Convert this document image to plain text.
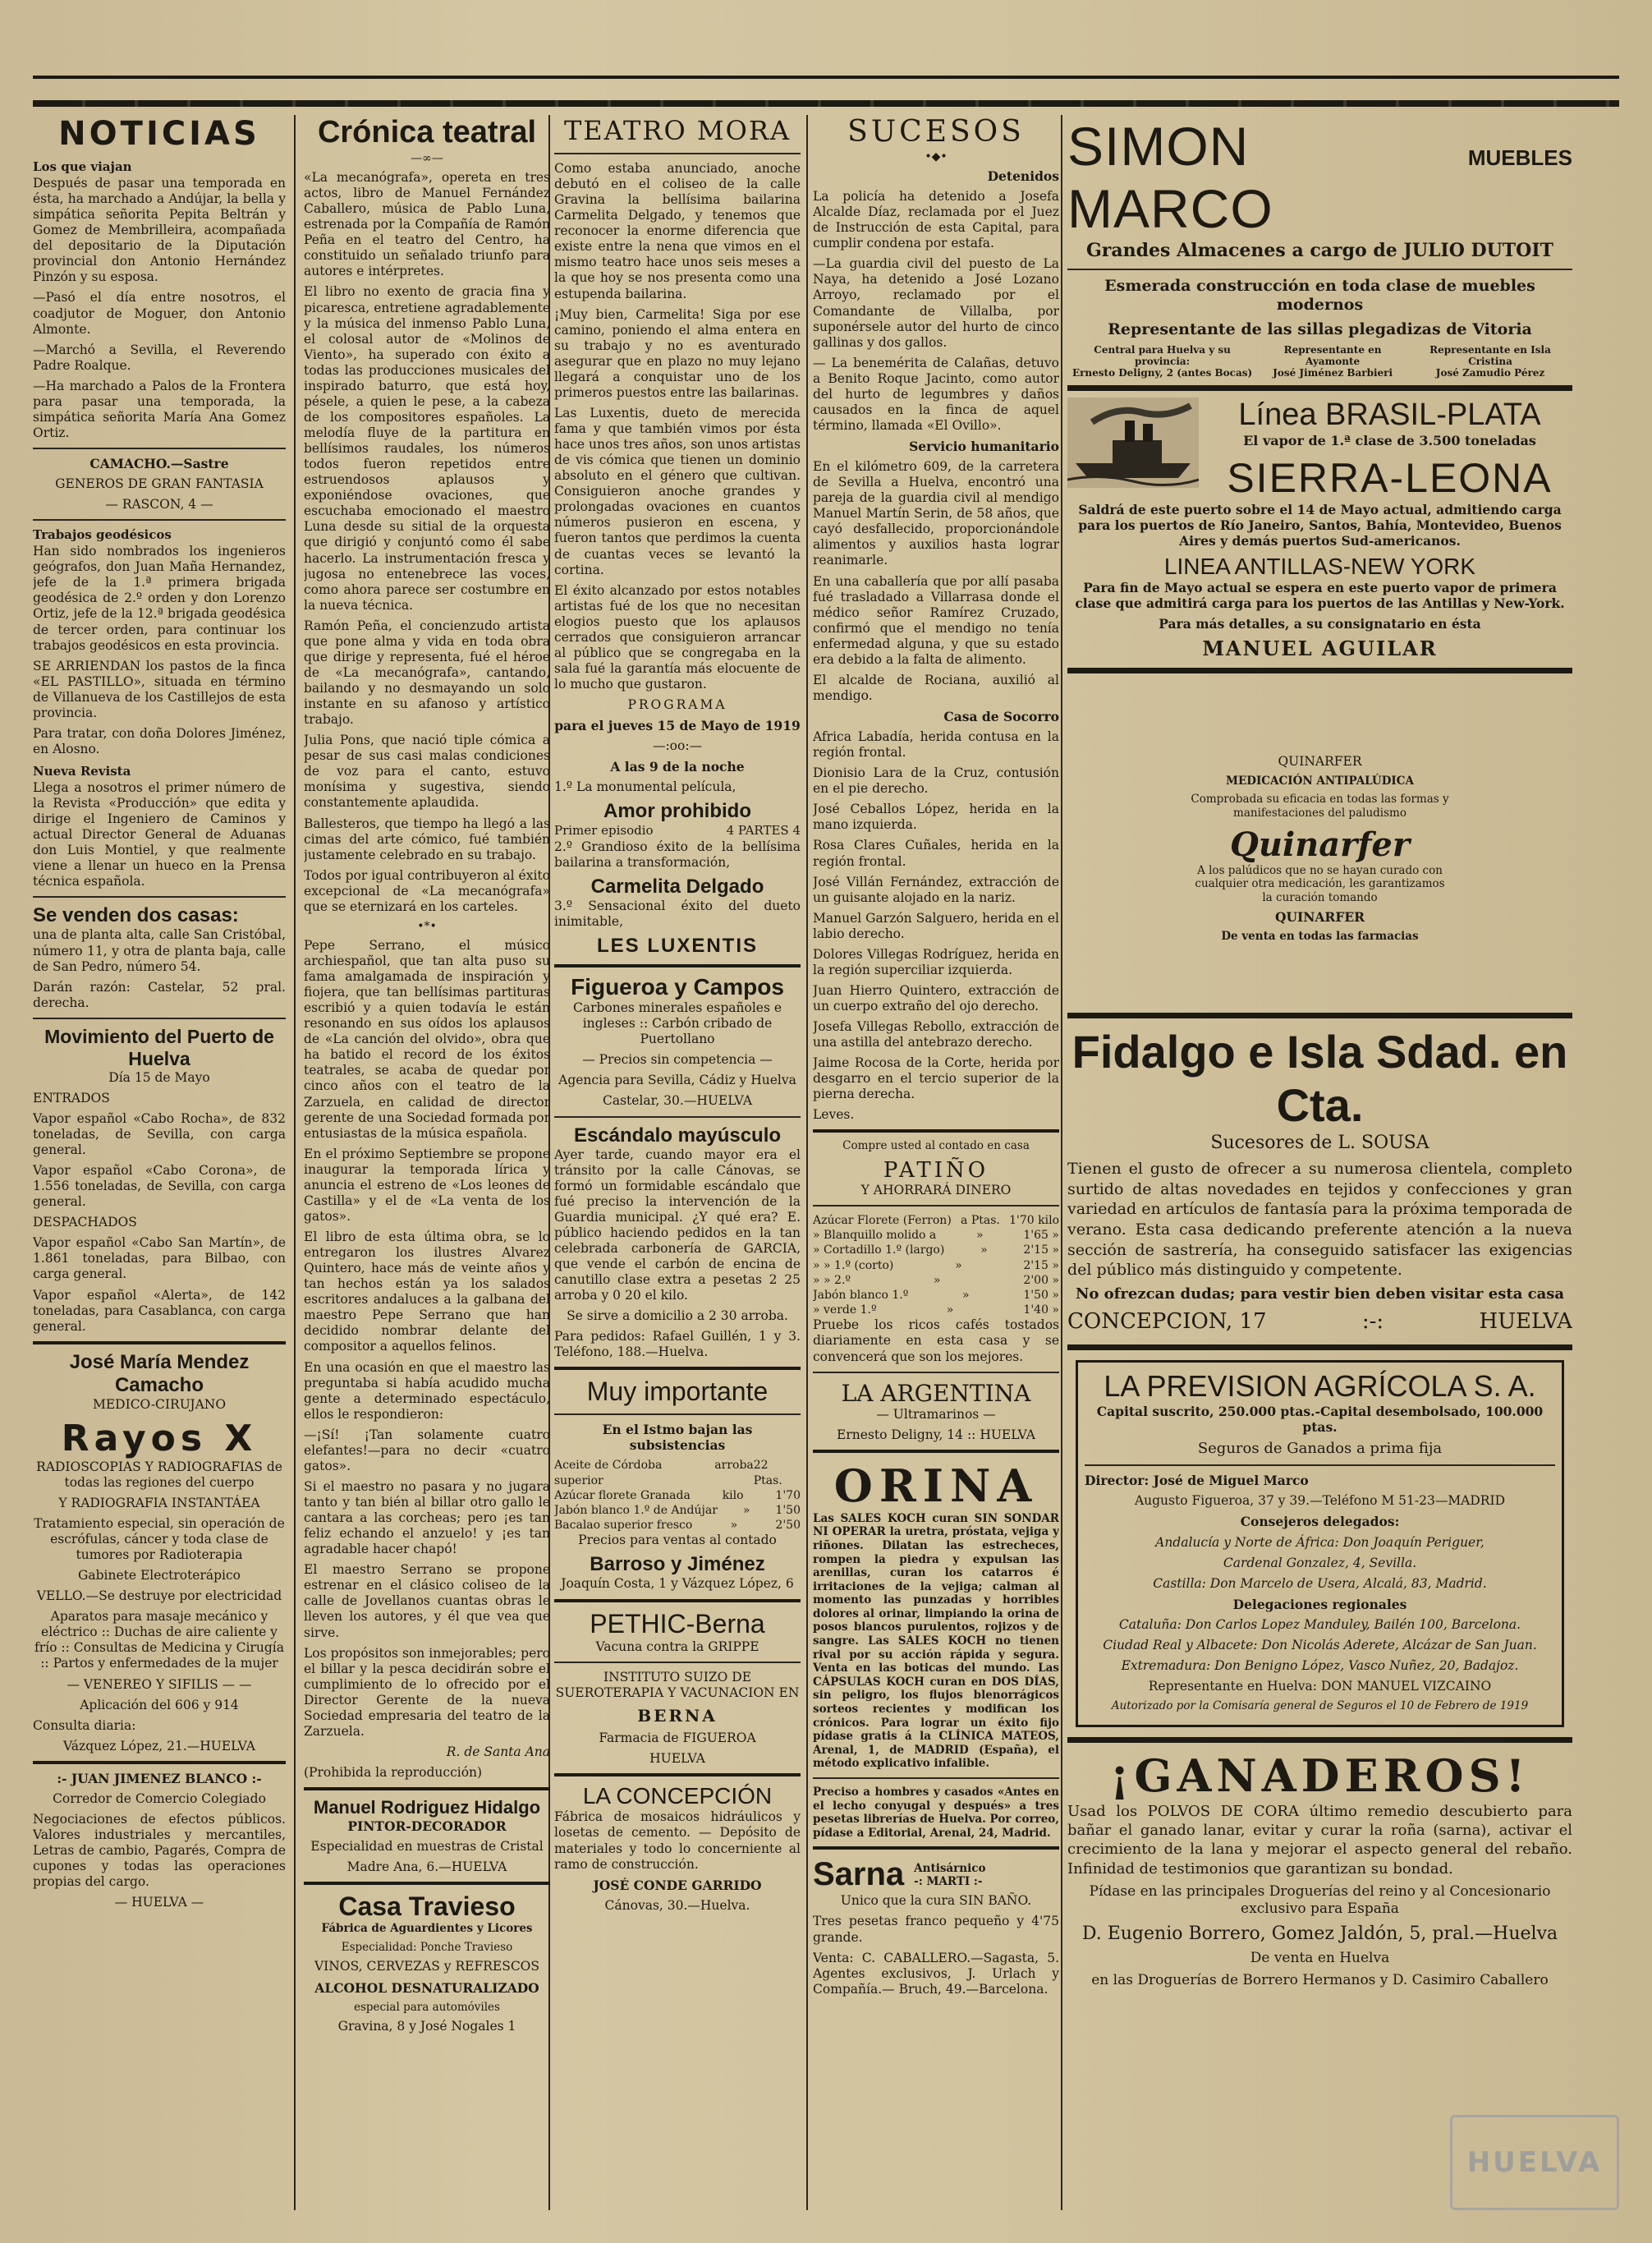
NOTICIAS
Los que viajan

Después de pasar una temporada en ésta, ha marchado a Andújar, la bella y simpática señorita Pepita Beltrán y Gomez de Membrilleira, acompañada del depositario de la Diputación provincial don Antonio Hernández Pinzón y su esposa.

—Pasó el día entre nosotros, el coadjutor de Moguer, don Antonio Almonte.

—Marchó a Sevilla, el Reverendo Padre Roalque.

—Ha marchado a Palos de la Frontera para pasar una temporada, la simpática señorita María Ana Gomez Ortiz.

CAMACHO.—Sastre

GENEROS DE GRAN FANTASIA

— RASCON, 4 —

Trabajos geodésicos

Han sido nombrados los ingenieros geógrafos, don Juan Maña Hernandez, jefe de la 1.ª primera brigada geodésica de 2.º orden y don Lorenzo Ortiz, jefe de la 12.ª brigada geodésica de tercer orden, para continuar los trabajos geodésicos en esta provincia.

SE ARRIENDAN los pastos de la finca «EL PASTILLO», situada en término de Villanueva de los Castillejos de esta provincia.

Para tratar, con doña Dolores Jiménez, en Alosno.

Nueva Revista

Llega a nosotros el primer número de la Revista «Producción» que edita y dirige el Ingeniero de Caminos y actual Director General de Aduanas don Luis Montiel, y que realmente viene a llenar un hueco en la Prensa técnica española.

Se venden dos casas:

una de planta alta, calle San Cristóbal, número 11, y otra de planta baja, calle de San Pedro, número 54.

Darán razón: Castelar, 52 pral. derecha.

Movimiento del Puerto de Huelva

Día 15 de Mayo

ENTRADOS

Vapor español «Cabo Rocha», de 832 toneladas, de Sevilla, con carga general.

Vapor español «Cabo Corona», de 1.556 toneladas, de Sevilla, con carga general.

DESPACHADOS

Vapor español «Cabo San Martín», de 1.861 toneladas, para Bilbao, con carga general.

Vapor español «Alerta», de 142 toneladas, para Casablanca, con carga general.

José María Mendez Camacho

MEDICO-CIRUJANO

Rayos X

RADIOSCOPIAS Y RADIOGRAFIAS de todas las regiones del cuerpo

Y RADIOGRAFIA INSTANTÁEA

Tratamiento especial, sin operación de escrófulas, cáncer y toda clase de tumores por Radioterapia

Gabinete Electroterápico

VELLO.—Se destruye por electricidad

Aparatos para masaje mecánico y eléctrico :: Duchas de aire caliente y frío :: Consultas de Medicina y Cirugía :: Partos y enfermedades de la mujer

— VENEREO Y SIFILIS — —

Aplicación del 606 y 914

Consulta diaria:

Vázquez López, 21.—HUELVA

:- JUAN JIMENEZ BLANCO :-

Corredor de Comercio Colegiado

Negociaciones de efectos públicos. Valores industriales y mercantiles, Letras de cambio, Pagarés, Compra de cupones y todas las operaciones propias del cargo.

— HUELVA —

Crónica teatral
—∞—

«La mecanógrafa», opereta en tres actos, libro de Manuel Fernández Caballero, música de Pablo Luna, estrenada por la Compañía de Ramón Peña en el teatro del Centro, ha constituido un señalado triunfo para autores e intérpretes.

El libro no exento de gracia fina y picaresca, entretiene agradablemente y la música del inmenso Pablo Luna, el colosal autor de «Molinos de Viento», ha superado con éxito a todas las producciones musicales del inspirado baturro, que está hoy, pésele, a quien le pese, a la cabeza de los compositores españoles. La melodía fluye de la partitura en bellísimos raudales, los números todos fueron repetidos entre estruendosos aplausos y exponiéndose ovaciones, que escuchaba emocionado el maestro Luna desde su sitial de la orquesta que dirigió y conjuntó como él sabe hacerlo. La instrumentación fresca y jugosa no entenebrece las voces, como ahora parece ser costumbre en la nueva técnica.

Ramón Peña, el concienzudo artista que pone alma y vida en toda obra que dirige y representa, fué el héroe de «La mecanógrafa», cantando, bailando y no desmayando un solo instante en su afanoso y artístico trabajo.

Julia Pons, que nació tiple cómica a pesar de sus casi malas condiciones de voz para el canto, estuvo monísima y sugestiva, siendo constantemente aplaudida.

Ballesteros, que tiempo ha llegó a las cimas del arte cómico, fué también justamente celebrado en su trabajo.

Todos por igual contribuyeron al éxito excepcional de «La mecanógrafa» que se eternizará en los carteles.

•*•

Pepe Serrano, el músico archiespañol, que tan alta puso su fama amalgamada de inspiración y fiojera, que tan bellísimas partituras escribió y a quien todavía le están resonando en sus oídos los aplausos de «La canción del olvido», obra que ha batido el record de los éxitos teatrales, se acaba de quedar por cinco años con el teatro de la Zarzuela, en calidad de director gerente de una Sociedad formada por entusiastas de la música española.

En el próximo Septiembre se propone inaugurar la temporada lírica y anuncia el estreno de «Los leones de Castilla» y el de «La venta de los gatos».

El libro de esta última obra, se lo entregaron los ilustres Alvarez Quintero, hace más de veinte años y tan hechos están ya los salados escritores andaluces a la galbana del maestro Pepe Serrano que han decidido nombrar delante del compositor a aquellos felinos.

En una ocasión en que el maestro las preguntaba si había acudido mucha gente a determinado espectáculo, ellos le respondieron:

—¡Sí! ¡Tan solamente cuatro elefantes!—para no decir «cuatro gatos».

Si el maestro no pasara y no jugara tanto y tan bién al billar otro gallo le cantara a las corcheas; pero ¡es tan feliz echando el anzuelo! y ¡es tan agradable hacer chapó!

El maestro Serrano se propone estrenar en el clásico coliseo de la calle de Jovellanos cuantas obras le lleven los autores, y él que vea que sirve.

Los propósitos son inmejorables; pero el billar y la pesca decidirán sobre el cumplimiento de lo ofrecido por el Director Gerente de la nueva Sociedad empresaria del teatro de la Zarzuela.

R. de Santa Ana

(Prohibida la reproducción)

Manuel Rodriguez Hidalgo

PINTOR-DECORADOR

Especialidad en muestras de Cristal

Madre Ana, 6.—HUELVA

Casa Travieso

Fábrica de Aguardientes y Licores

Especialidad: Ponche Travieso

VINOS, CERVEZAS y REFRESCOS

ALCOHOL DESNATURALIZADO

especial para automóviles

Gravina, 8 y José Nogales 1

TEATRO MORA

Como estaba anunciado, anoche debutó en el coliseo de la calle Gravina la bellísima bailarina Carmelita Delgado, y tenemos que reconocer la enorme diferencia que existe entre la nena que vimos en el mismo teatro hace unos seis meses a la que hoy se nos presenta como una estupenda bailarina.

¡Muy bien, Carmelita! Siga por ese camino, poniendo el alma entera en su trabajo y no es aventurado asegurar que en plazo no muy lejano llegará a conquistar uno de los primeros puestos entre las bailarinas.

Las Luxentis, dueto de merecida fama y que también vimos por ésta hace unos tres años, son unos artistas de vis cómica que tienen un dominio absoluto en el género que cultivan. Consiguieron anoche grandes y prolongadas ovaciones en cuantos números pusieron en escena, y fueron tantos que perdimos la cuenta de cuantas veces se levantó la cortina.

El éxito alcanzado por estos notables artistas fué de los que no necesitan elogios puesto que los aplausos cerrados que consiguieron arrancar al público que se congregaba en la sala fué la garantía más elocuente de lo mucho que gustaron.

PROGRAMA

para el jueves 15 de Mayo de 1919

—:oo:—

A las 9 de la noche

1.º La monumental película,

Amor prohibido
Primer episodio	4 PARTES 4

2.º Grandioso éxito de la bellísima bailarina a transformación,

Carmelita Delgado

3.º Sensacional éxito del dueto inimitable,

LES LUXENTIS
Figueroa y Campos

Carbones minerales españoles e ingleses :: Carbón cribado de Puertollano

— Precios sin competencia —

Agencia para Sevilla, Cádiz y Huelva

Castelar, 30.—HUELVA

Escándalo mayúsculo

Ayer tarde, cuando mayor era el tránsito por la calle Cánovas, se formó un formidable escándalo que fué preciso la intervención de la Guardia municipal. ¿Y qué era? E. público haciendo pedidos en la tan celebrada carbonería de GARCIA, que vende el carbón de encina de canutillo clase extra a pesetas 2 25 arroba y 0 20 el kilo.

Se sirve a domicilio a 2 30 arroba.

Para pedidos: Rafael Guillén, 1 y 3. Teléfono, 188.—Huelva.

Muy importante

En el Istmo bajan las subsistencias

Aceite de Córdoba superior
arroba 22 Ptas.
Azúcar florete Granada	kilo	1'70
Jabón blanco 1.º de Andújar » 1'50
Bacalao superior fresco	»	2'50

Precios para ventas al contado

Barroso y Jiménez

Joaquín Costa, 1 y Vázquez López, 6

PETHIC-Berna

Vacuna contra la GRIPPE

INSTITUTO SUIZO DE SUEROTERAPIA Y VACUNACION EN

BERNA

Farmacia de FIGUEROA

HUELVA

LA CONCEPCIÓN

Fábrica de mosaicos hidráulicos y losetas de cemento. — Depósito de materiales y todo lo concerniente al ramo de construcción.

JOSÉ CONDE GARRIDO

Cánovas, 30.—Huelva.

SUCESOS
•◆•

Detenidos

La policía ha detenido a Josefa Alcalde Díaz, reclamada por el Juez de Instrucción de esta Capital, para cumplir condena por estafa.

—La guardia civil del puesto de La Naya, ha detenido a José Lozano Arroyo, reclamado por el Comandante de Villalba, por suponérsele autor del hurto de cinco gallinas y dos gallos.

— La benemérita de Calañas, detuvo a Benito Roque Jacinto, como autor del hurto de legumbres y daños causados en la finca de aquel término, llamada «El Ovillo».

Servicio humanitario

En el kilómetro 609, de la carretera de Sevilla a Huelva, encontró una pareja de la guardia civil al mendigo Manuel Martín Serin, de 58 años, que cayó desfallecido, proporcionándole alimentos y auxilios hasta lograr reanimarle.

En una caballería que por allí pasaba fué trasladado a Villarrasa donde el médico señor Ramírez Cruzado, confirmó que el mendigo no tenía enfermedad alguna, y que su estado era debido a la falta de alimento.

El alcalde de Rociana, auxilió al mendigo.

Casa de Socorro

Africa Labadía, herida contusa en la región frontal.

Dionisio Lara de la Cruz, contusión en el pie derecho.

José Ceballos López, herida en la mano izquierda.

Rosa Clares Cuñales, herida en la región frontal.

José Villán Fernández, extracción de un guisante alojado en la nariz.

Manuel Garzón Salguero, herida en el labio derecho.

Dolores Villegas Rodríguez, herida en la región superciliar izquierda.

Juan Hierro Quintero, extracción de un cuerpo extraño del ojo derecho.

Josefa Villegas Rebollo, extracción de una astilla del antebrazo derecho.

Jaime Rocosa de la Corte, herida por desgarro en el tercio superior de la pierna derecha.

Leves.

Compre usted al contado en casa

PATIÑO

Y AHORRARÁ DINERO

Azúcar Florete (Ferron) a Ptas. 1'70 kilo
» Blanquillo molido a	»	1'65 »
» Cortadillo 1.º (largo)	»	2'15 »
» » 1.º (corto)	»	2'15 »
» » 2.º	»	2'00 »
Jabón blanco 1.º	»	1'50 »
» verde 1.º	»	1'40 »

Pruebe los ricos cafés tostados diariamente en esta casa y se convencerá que son los mejores.

LA ARGENTINA

— Ultramarinos —

Ernesto Deligny, 14 :: HUELVA

ORINA

Las SALES KOCH curan SIN SONDAR NI OPERAR la uretra, próstata, vejiga y riñones. Dilatan las estrecheces, rompen la piedra y expulsan las arenillas, curan los catarros é irritaciones de la vejiga; calman al momento las punzadas y horribles dolores al orinar, limpiando la orina de posos blancos purulentos, rojizos y de sangre. Las SALES KOCH no tienen rival por su acción rápida y segura. Venta en las boticas del mundo. Las CÁPSULAS KOCH curan en DOS DÍAS, sin peligro, los flujos blenorrágicos sorteos recientes y modifican los crónicos. Para lograr un éxito fijo pídase gratis á la CLÍNICA MATEOS, Arenal, 1, de MADRID (España), el método explicativo infalible.

Preciso a hombres y casados «Antes en el lecho conyugal y después» a tres pesetas librerías de Huelva. Por correo, pídase a Editorial, Arenal, 24, Madrid.

Sarna Antisárnico
-: MARTI :-

Unico que la cura SIN BAÑO.

Tres pesetas franco pequeño y 4'75 grande.

Venta: C. CABALLERO.—Sagasta, 5. Agentes exclusivos, J. Urlach y Compañía.— Bruch, 49.—Barcelona.

SIMON MARCO
MUEBLES

Grandes Almacenes a cargo de JULIO DUTOIT

Esmerada construcción en toda clase de muebles modernos

Representante de las sillas plegadizas de Vitoria

Central para Huelva y su provincia:
Ernesto Deligny, 2 (antes Bocas)
Representante en Ayamonte
José Jiménez Barbieri
Representante en Isla Cristina
José Zamudio Pérez
Línea BRASIL-PLATA

El vapor de 1.ª clase de 3.500 toneladas

SIERRA-LEONA

Saldrá de este puerto sobre el 14 de Mayo actual, admitiendo carga para los puertos de Río Janeiro, Santos, Bahía, Montevideo, Buenos Aires y demás puertos Sud-americanos.

LINEA ANTILLAS-NEW YORK

Para fin de Mayo actual se espera en este puerto vapor de primera clase que admitirá carga para los puertos de las Antillas y New-York.

Para más detalles, a su consignatario en ésta

MANUEL AGUILAR

QUINARFER

MEDICACIÓN ANTIPALÚDICA

Comprobada su eficacia en todas las formas y manifestaciones del paludismo

Quinarfer

A los palúdicos que no se hayan curado con cualquier otra medicación, les garantizamos la curación tomando

QUINARFER

De venta en todas las farmacias

Fidalgo e Isla Sdad. en Cta.

Sucesores de L. SOUSA

Tienen el gusto de ofrecer a su numerosa clientela, completo surtido de altas novedades en tejidos y confecciones y gran variedad en artículos de fantasía para la próxima temporada de verano. Esta casa dedicando preferente atención a la nueva sección de sastrería, ha conseguido satisfacer las exigencias del público más distinguido y competente.

No ofrezcan dudas; para vestir bien deben visitar esta casa

CONCEPCION, 17	:-:	HUELVA
LA PREVISION AGRÍCOLA S. A.

Capital suscrito, 250.000 ptas.-Capital desembolsado, 100.000 ptas.

Seguros de Ganados a prima fija

Director: José de Miguel Marco

Augusto Figueroa, 37 y 39.—Teléfono M 51-23—MADRID

Consejeros delegados:

Andalucía y Norte de África: Don Joaquín Periguer,

Cardenal Gonzalez, 4, Sevilla.

Castilla: Don Marcelo de Usera, Alcalá, 83, Madrid.

Delegaciones regionales

Cataluña: Don Carlos Lopez Manduley, Bailén 100, Barcelona.

Ciudad Real y Albacete: Don Nicolás Aderete, Alcázar de San Juan.

Extremadura: Don Benigno López, Vasco Nuñez, 20, Badajoz.

Representante en Huelva: DON MANUEL VIZCAINO

Autorizado por la Comisaría general de Seguros el 10 de Febrero de 1919

¡GANADEROS!

Usad los POLVOS DE CORA último remedio descubierto para bañar el ganado lanar, evitar y curar la roña (sarna), activar el crecimiento de la lana y mejorar el aspecto general del rebaño. Infinidad de testimonios que garantizan su bondad.

Pídase en las principales Droguerías del reino y al Concesionario exclusivo para España

D. Eugenio Borrero, Gomez Jaldón, 5, pral.—Huelva

De venta en Huelva

en las Droguerías de Borrero Hermanos y D. Casimiro Caballero

HUELVA
